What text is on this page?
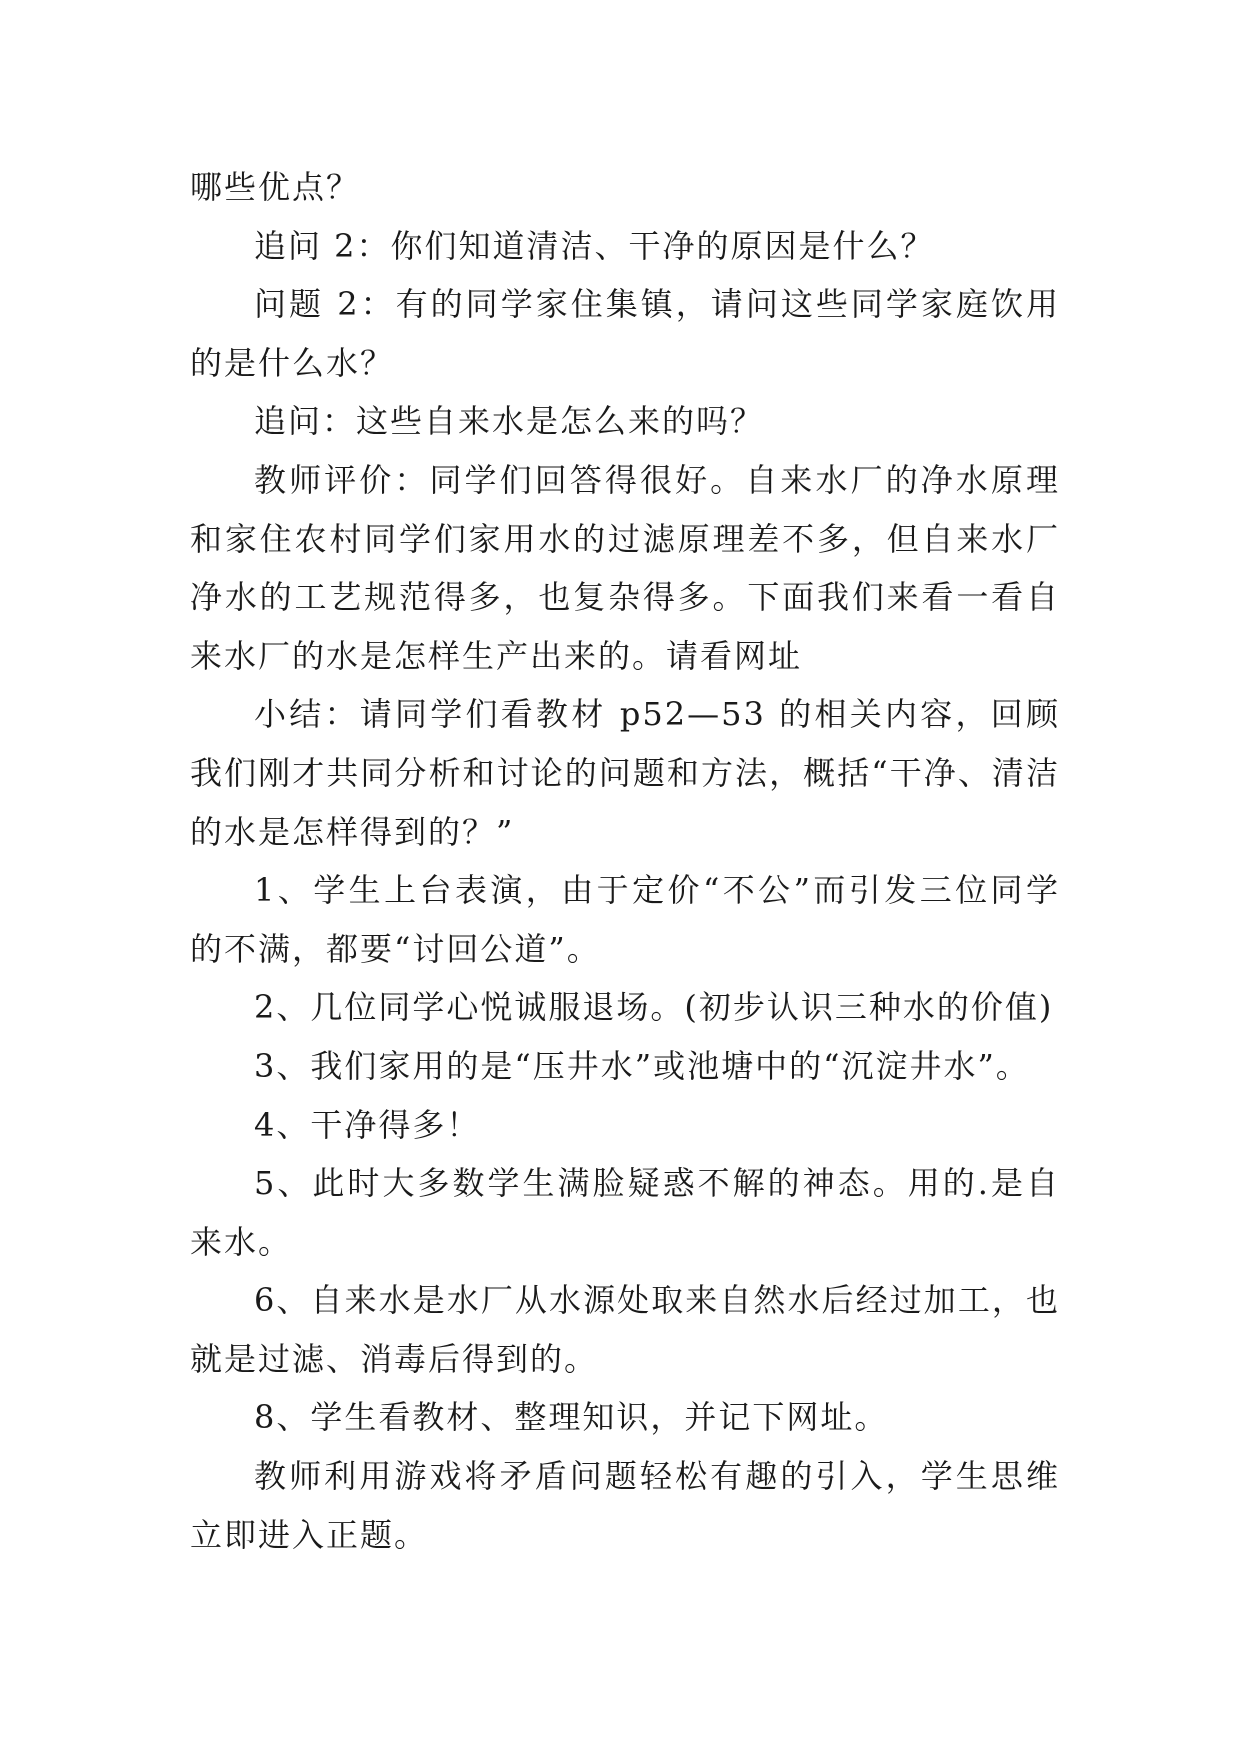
哪些优点？

追问 2：你们知道清洁、干净的原因是什么？

问题 2：有的同学家住集镇，请问这些同学家庭饮用的是什么水？

追问：这些自来水是怎么来的吗？

教师评价：同学们回答得很好。自来水厂的净水原理和家住农村同学们家用水的过滤原理差不多，但自来水厂净水的工艺规范得多，也复杂得多。下面我们来看一看自来水厂的水是怎样生产出来的。请看网址

小结：请同学们看教材 p52—53 的相关内容，回顾我们刚才共同分析和讨论的问题和方法，概括“干净、清洁的水是怎样得到的？”

1、学生上台表演，由于定价“不公”而引发三位同学的不满，都要“讨回公道”。

2、几位同学心悦诚服退场。(初步认识三种水的价值)

3、我们家用的是“压井水”或池塘中的“沉淀井水”。

4、干净得多！

5、此时大多数学生满脸疑惑不解的神态。用的.是自来水。

6、自来水是水厂从水源处取来自然水后经过加工，也就是过滤、消毒后得到的。

8、学生看教材、整理知识，并记下网址。

教师利用游戏将矛盾问题轻松有趣的引入，学生思维立即进入正题。
